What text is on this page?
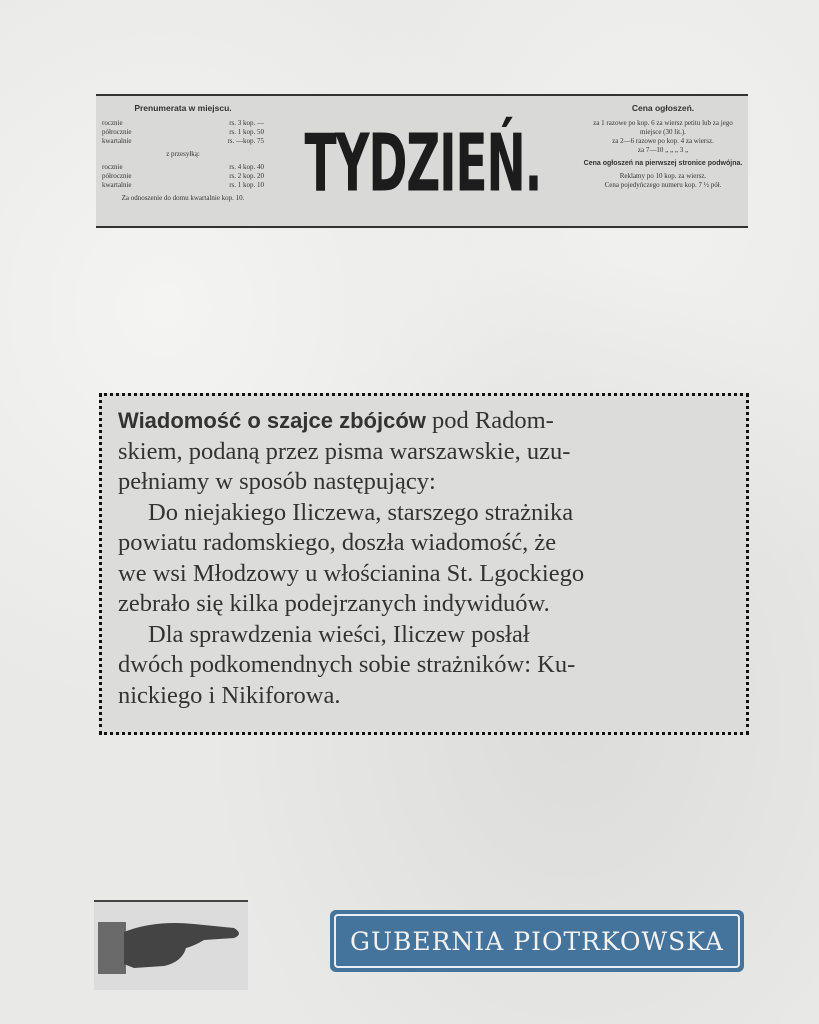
Prenumerata w miejscu.
rocznie	rs. 3 kop. —
półrocznie	rs. 1 kop. 50
kwartalnie	rs. —kop. 75
z przesyłką:
rocznie	rs. 4 kop. 40
półrocznie	rs. 2 kop. 20
kwartalnie	rs. 1 kop. 10
Za odnoszenie do domu kwartalnie kop. 10. TYDZIEŃ.
Cena ogłoszeń.
za 1 razowe po kop. 6 za wiersz petitu lub za jego miejsce (30 lit.).
za 2—6 razowe po kop. 4 za wiersz.
za 7—10 „ „ „ 3 „
Cena ogłoszeń na pierwszej stronice podwójna.
Reklamy po 10 kop. za wiersz.
Cena pojedyńczego numeru kop. 7 ½ pół.

Wiadomość o szajce zbójców pod Radom-

skiem, podaną przez pisma warszawskie, uzu-

pełniamy w sposób następujący:

Do niejakiego Iliczewa, starszego strażnika

powiatu radomskiego, doszła wiadomość, że

we wsi Młodzowy u włościanina St. Lgockiego

zebrało się kilka podejrzanych indywiduów.

Dla sprawdzenia wieści, Iliczew posłał

dwóch podkomendnych sobie strażników: Ku-

nickiego i Nikiforowa.

GUBERNIA PIOTRKOWSKA
